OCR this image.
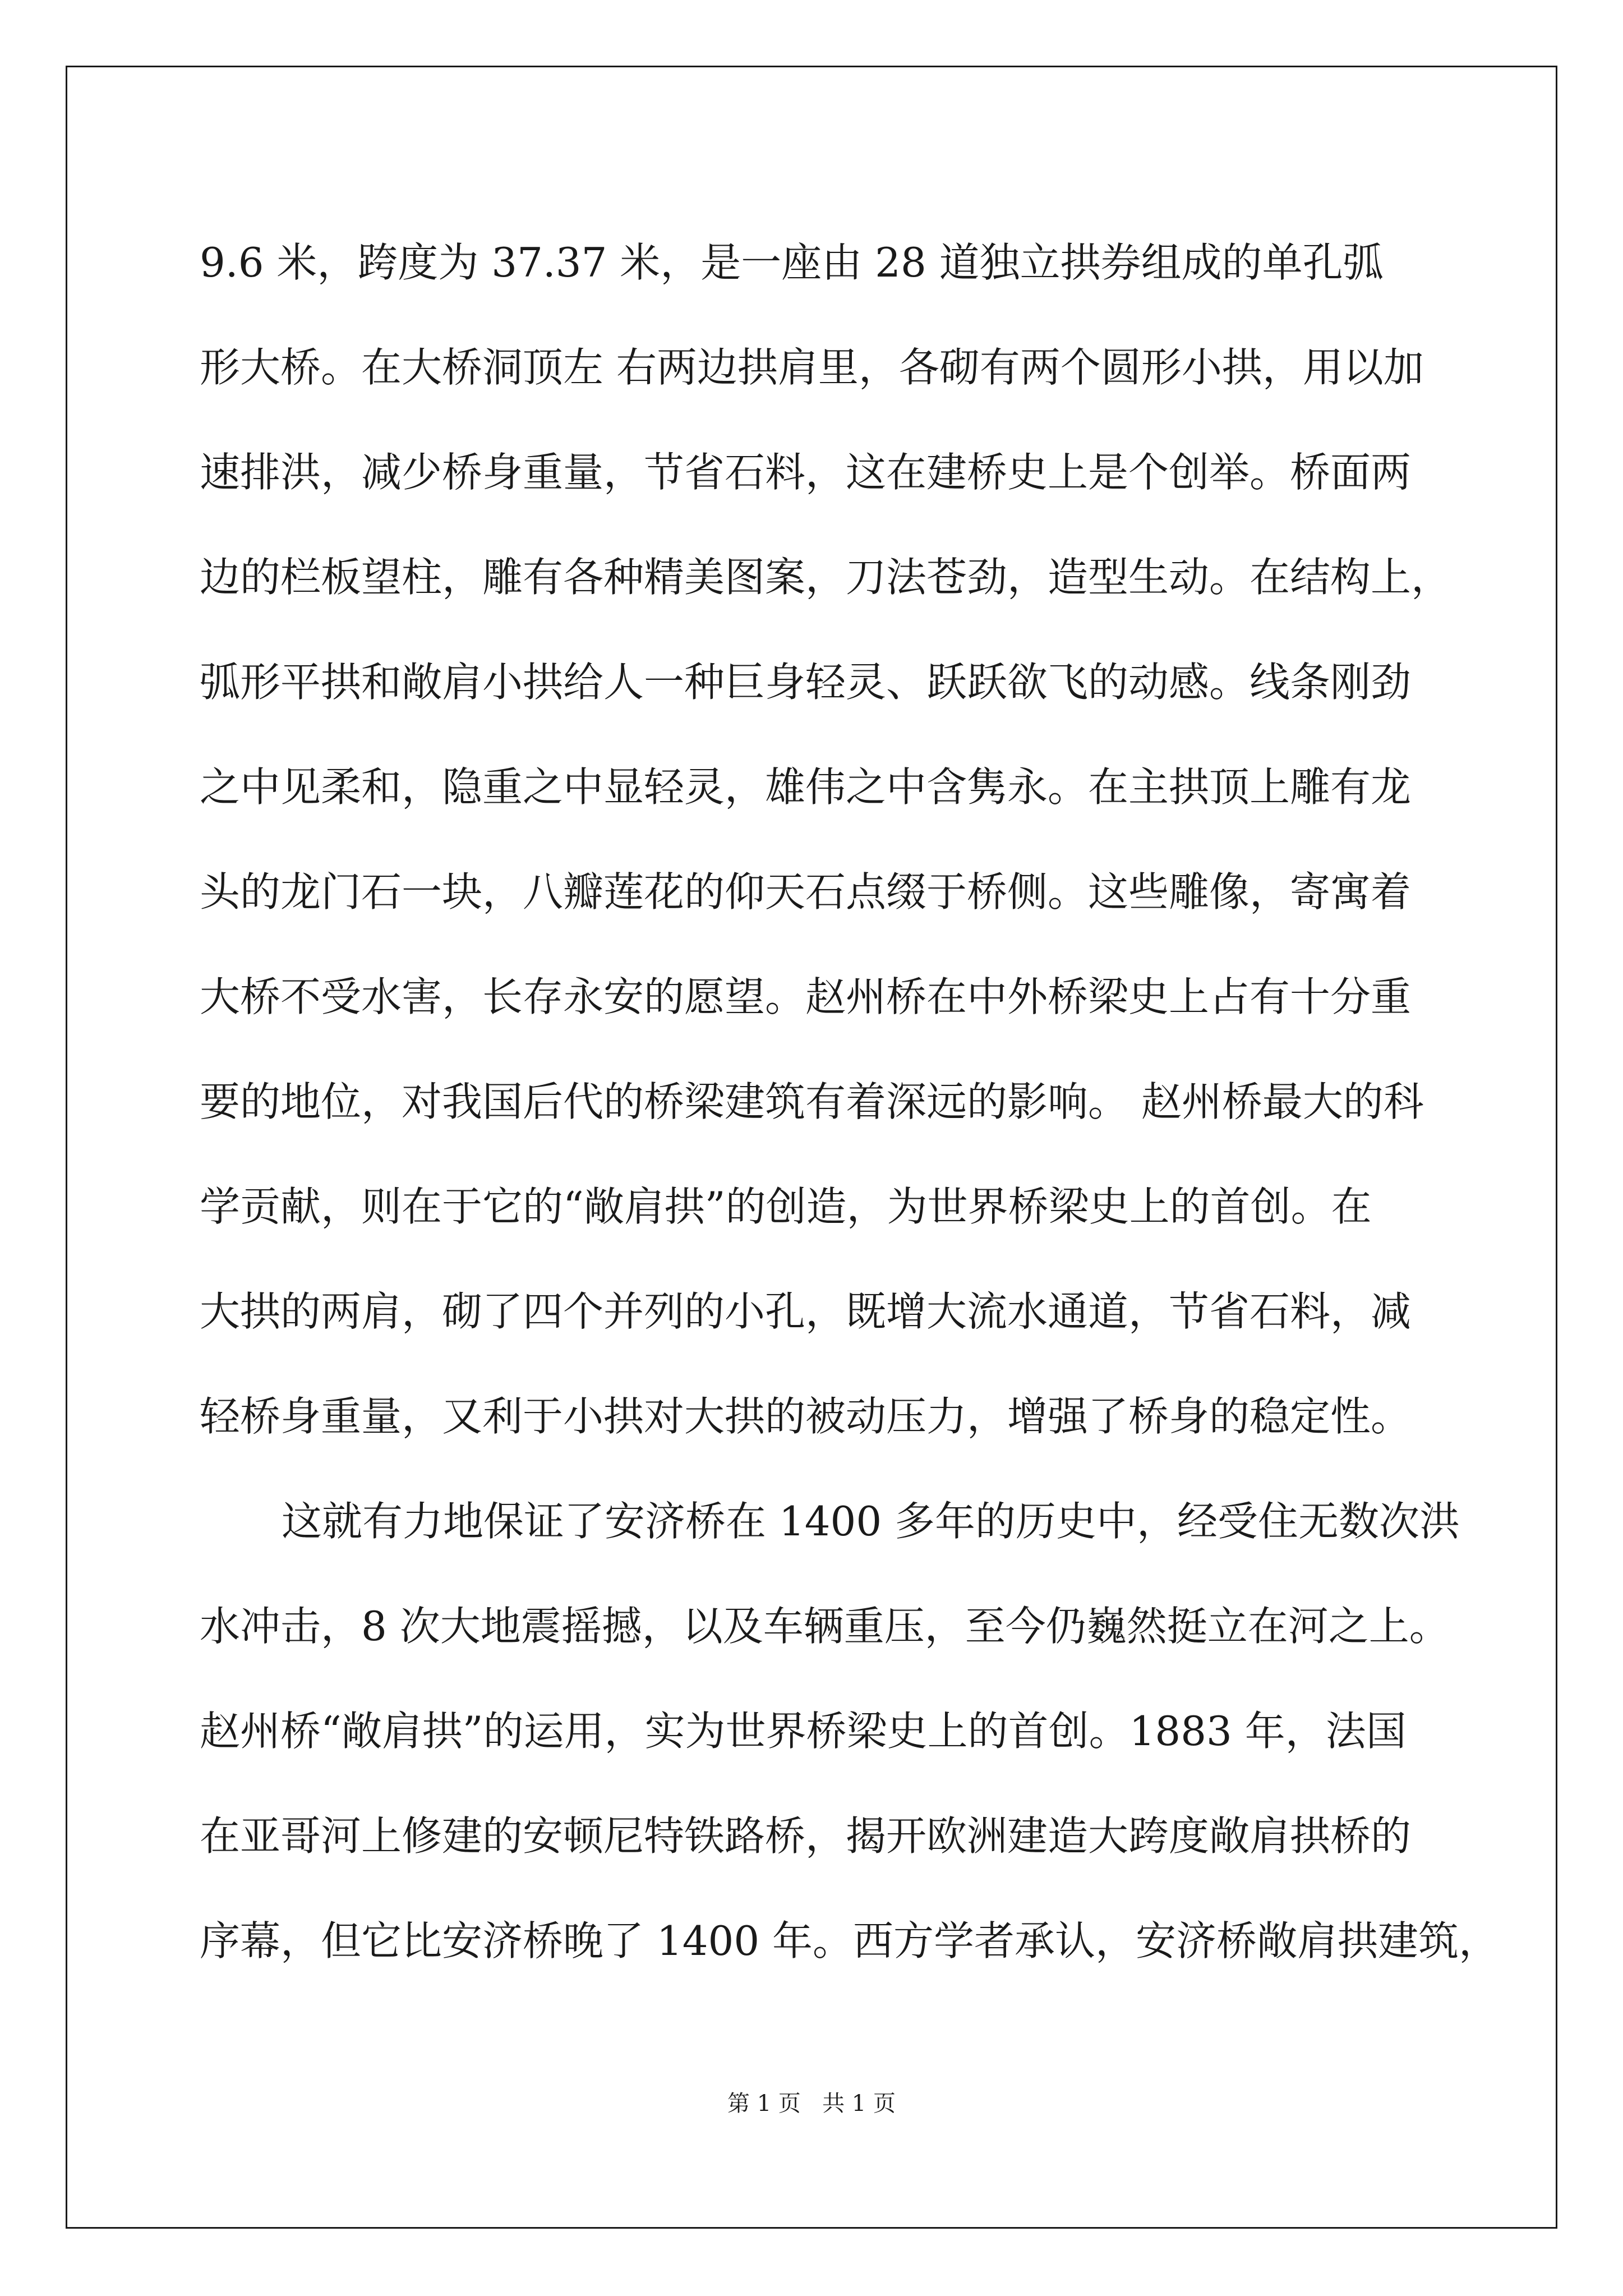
9.6 米，跨度为 37.37 米，是一座由 28 道独立拱券组成的单孔弧
形大桥。在大桥洞顶左 右两边拱肩里，各砌有两个圆形小拱，用以加
速排洪，减少桥身重量，节省石料，这在建桥史上是个创举。桥面两
边的栏板望柱，雕有各种精美图案，刀法苍劲，造型生动。在结构上，
弧形平拱和敞肩小拱给人一种巨身轻灵、跃跃欲飞的动感。线条刚劲
之中见柔和，隐重之中显轻灵，雄伟之中含隽永。在主拱顶上雕有龙
头的龙门石一块，八瓣莲花的仰天石点缀于桥侧。这些雕像，寄寓着
大桥不受水害，长存永安的愿望。赵州桥在中外桥梁史上占有十分重
要的地位，对我国后代的桥梁建筑有着深远的影响。 赵州桥最大的科
学贡献，则在于它的“敞肩拱”的创造，为世界桥梁史上的首创。在
大拱的两肩，砌了四个并列的小孔，既增大流水通道，节省石料，减
轻桥身重量，又利于小拱对大拱的被动压力，增强了桥身的稳定性。
这就有力地保证了安济桥在 1400 多年的历史中，经受住无数次洪
水冲击，8 次大地震摇撼，以及车辆重压，至今仍巍然挺立在河之上。
赵州桥“敞肩拱”的运用，实为世界桥梁史上的首创。1883 年，法国
在亚哥河上修建的安顿尼特铁路桥，揭开欧洲建造大跨度敞肩拱桥的
序幕，但它比安济桥晚了 1400 年。西方学者承认，安济桥敞肩拱建筑，
第 1 页   共 1 页
